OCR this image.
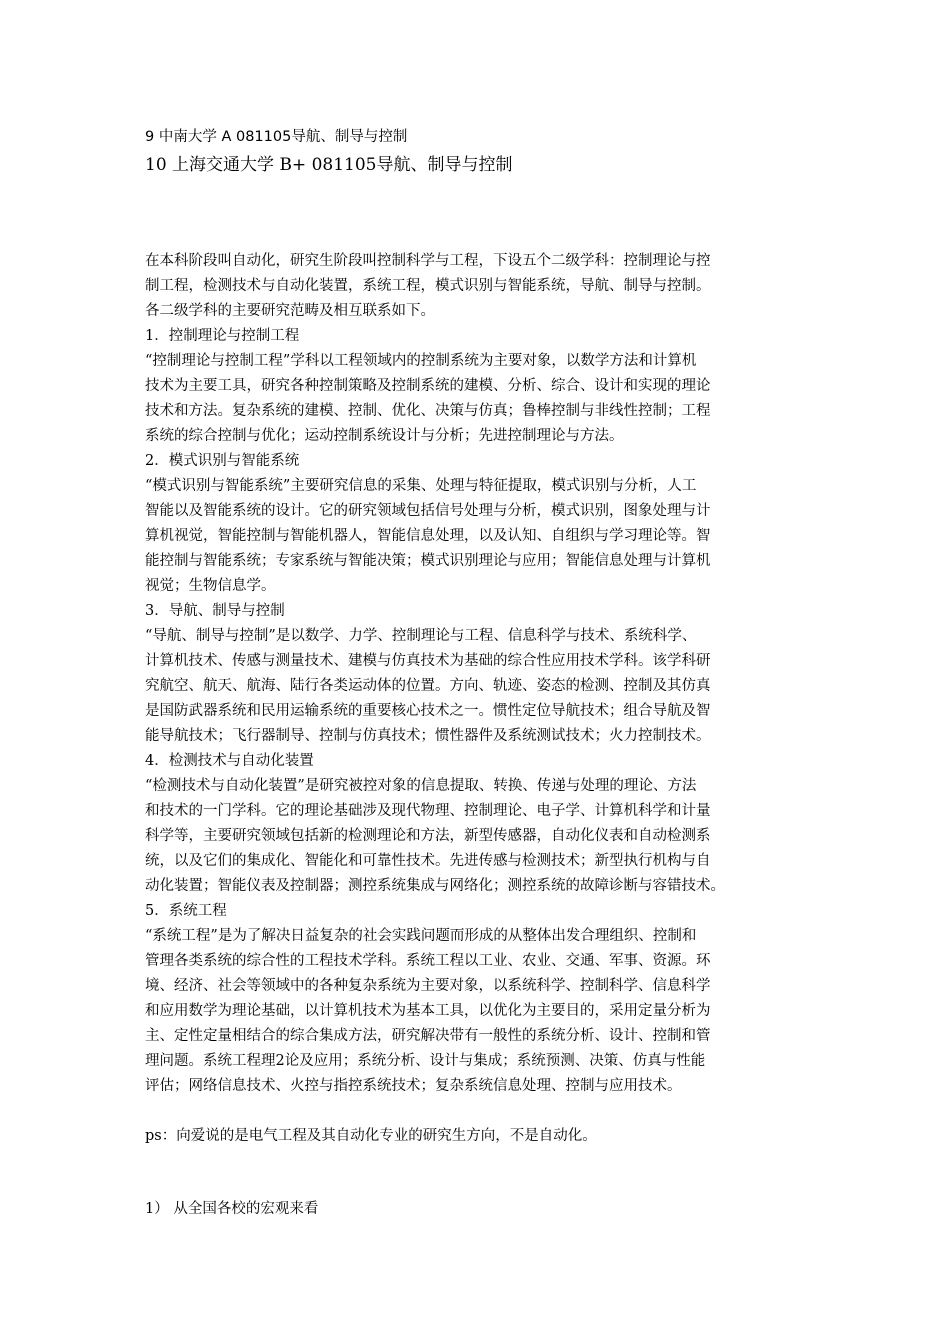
9 中南大学 A 081105导航、制导与控制
10 上海交通大学 B+ 081105导航、制导与控制

在本科阶段叫自动化，研究生阶段叫控制科学与工程，下设五个二级学科：控制理论与控

制工程，检测技术与自动化装置，系统工程，模式识别与智能系统，导航、制导与控制。

各二级学科的主要研究范畴及相互联系如下。

1．控制理论与控制工程

“控制理论与控制工程”学科以工程领域内的控制系统为主要对象，以数学方法和计算机

技术为主要工具，研究各种控制策略及控制系统的建模、分析、综合、设计和实现的理论

技术和方法。复杂系统的建模、控制、优化、决策与仿真；鲁棒控制与非线性控制；工程

系统的综合控制与优化；运动控制系统设计与分析；先进控制理论与方法。

2．模式识别与智能系统

“模式识别与智能系统”主要研究信息的采集、处理与特征提取，模式识别与分析，人工

智能以及智能系统的设计。它的研究领域包括信号处理与分析，模式识别，图象处理与计

算机视觉，智能控制与智能机器人，智能信息处理，以及认知、自组织与学习理论等。智

能控制与智能系统；专家系统与智能决策；模式识别理论与应用；智能信息处理与计算机

视觉；生物信息学。

3．导航、制导与控制

“导航、制导与控制”是以数学、力学、控制理论与工程、信息科学与技术、系统科学、

计算机技术、传感与测量技术、建模与仿真技术为基础的综合性应用技术学科。该学科研

究航空、航天、航海、陆行各类运动体的位置。方向、轨迹、姿态的检测、控制及其仿真

是国防武器系统和民用运输系统的重要核心技术之一。惯性定位导航技术；组合导航及智

能导航技术；飞行器制导、控制与仿真技术；惯性器件及系统测试技术；火力控制技术。

4．检测技术与自动化装置

“检测技术与自动化装置”是研究被控对象的信息提取、转换、传递与处理的理论、方法

和技术的一门学科。它的理论基础涉及现代物理、控制理论、电子学、计算机科学和计量

科学等，主要研究领域包括新的检测理论和方法，新型传感器，自动化仪表和自动检测系

统，以及它们的集成化、智能化和可靠性技术。先进传感与检测技术；新型执行机构与自

动化装置；智能仪表及控制器；测控系统集成与网络化；测控系统的故障诊断与容错技术。

5．系统工程

“系统工程”是为了解决日益复杂的社会实践问题而形成的从整体出发合理组织、控制和

管理各类系统的综合性的工程技术学科。系统工程以工业、农业、交通、军事、资源。环

境、经济、社会等领域中的各种复杂系统为主要对象，以系统科学、控制科学、信息科学

和应用数学为理论基础，以计算机技术为基本工具，以优化为主要目的，采用定量分析为

主、定性定量相结合的综合集成方法，研究解决带有一般性的系统分析、设计、控制和管

理问题。系统工程理2论及应用；系统分析、设计与集成；系统预测、决策、仿真与性能

评估；网络信息技术、火控与指控系统技术；复杂系统信息处理、控制与应用技术。

ps：向爱说的是电气工程及其自动化专业的研究生方向，不是自动化。
1） 从全国各校的宏观来看
